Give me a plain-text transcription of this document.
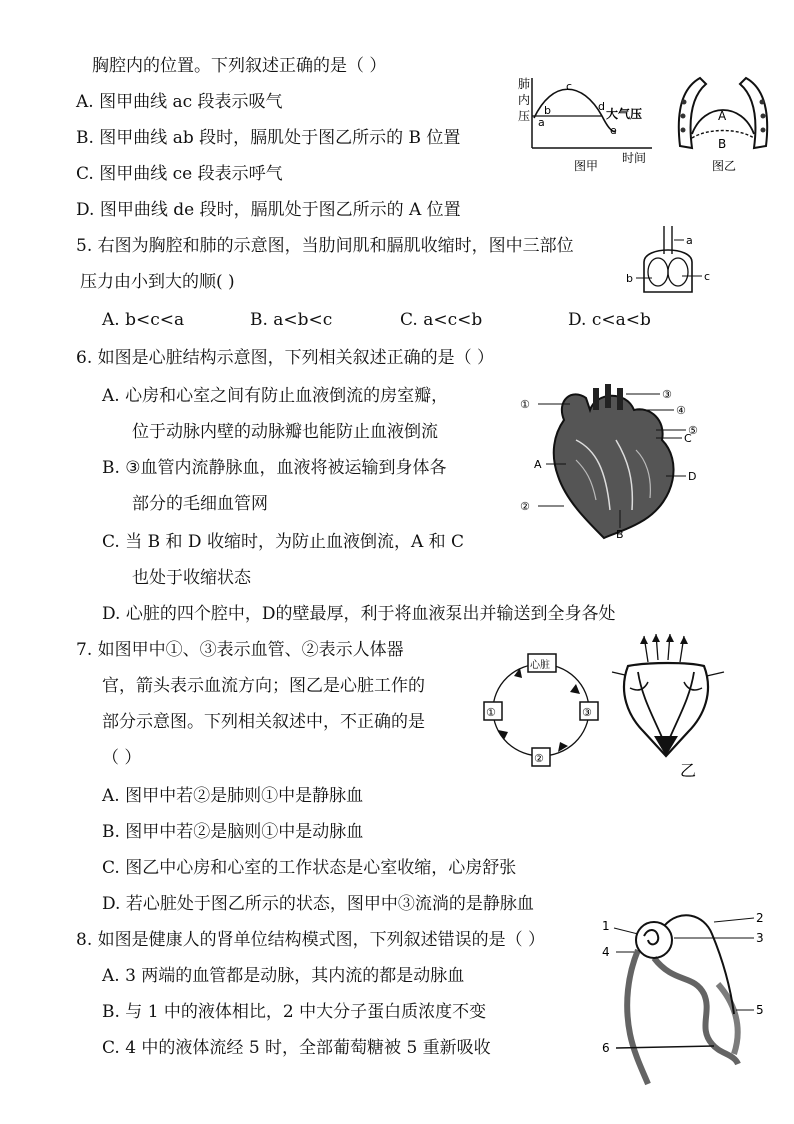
胸腔内的位置。下列叙述正确的是（ ）
A. 图甲曲线 ac 段表示吸气
B. 图甲曲线 ab 段时，膈肌处于图乙所示的 B 位置
C. 图甲曲线 ce 段表示呼气
D. 图甲曲线 de 段时，膈肌处于图乙所示的 A 位置
肺
内
压 a
b
c
d
e
大气压
时间
图甲
A
B
图乙
5. 右图为胸腔和肺的示意图，当肋间肌和膈肌收缩时，图中三部位
压力由小到大的顺( )
A. b<c<a	B. a<b<c	C. a<c<b	D. c<a<b
a
b	c
6. 如图是心脏结构示意图，下列相关叙述正确的是（ ）
A. 心房和心室之间有防止血液倒流的房室瓣，
位于动脉内壁的动脉瓣也能防止血液倒流
B. ③血管内流静脉血，血液将被运输到身体各
部分的毛细血管网
C. 当 B 和 D 收缩时，为防止血液倒流，A 和 C
也处于收缩状态
D. 心脏的四个腔中，D的壁最厚，利于将血液泵出并输送到全身各处
①
③
④
⑤
C
A
D
②
B
7. 如图甲中①、③表示血管、②表示人体器
官，箭头表示血流方向；图乙是心脏工作的
部分示意图。下列相关叙述中，不正确的是
（ ）
A. 图甲中若②是肺则①中是静脉血
B. 图甲中若②是脑则①中是动脉血
C. 图乙中心房和心室的工作状态是心室收缩，心房舒张
D. 若心脏处于图乙所示的状态，图甲中③流淌的是静脉血
心脏
①	③
②
乙
8. 如图是健康人的肾单位结构模式图，下列叙述错误的是（ ）
A. 3 两端的血管都是动脉，其内流的都是动脉血
B. 与 1 中的液体相比，2 中大分子蛋白质浓度不变
C. 4 中的液体流经 5 时，全部葡萄糖被 5 重新吸收
1
2
3
4
5
6
